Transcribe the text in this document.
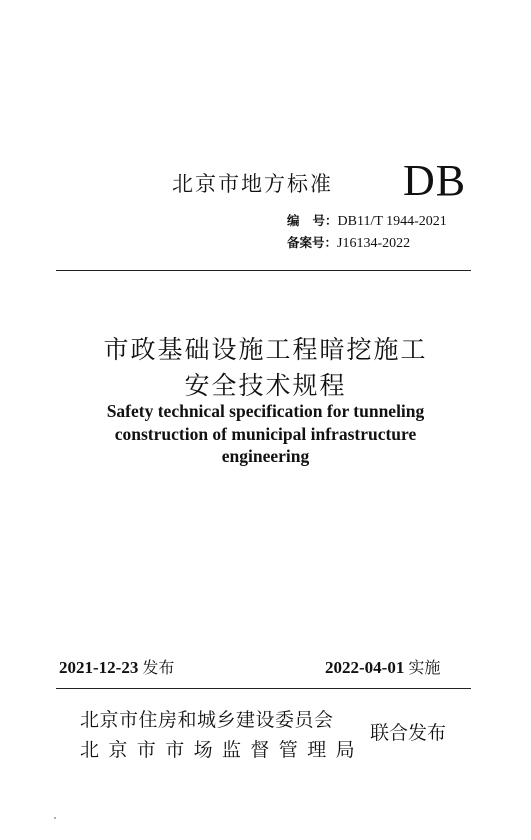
北京市地方标准 DB
编号：DB11/T 1944-2021
备案号：J16134-2022
市政基础设施工程暗挖施工
安全技术规程
Safety technical specification for tunneling
construction of municipal infrastructure
engineering
2021-12-23 发布	2022-04-01 实施
北京市住房和城乡建设委员会
北京市市场监督管理局
联合发布
